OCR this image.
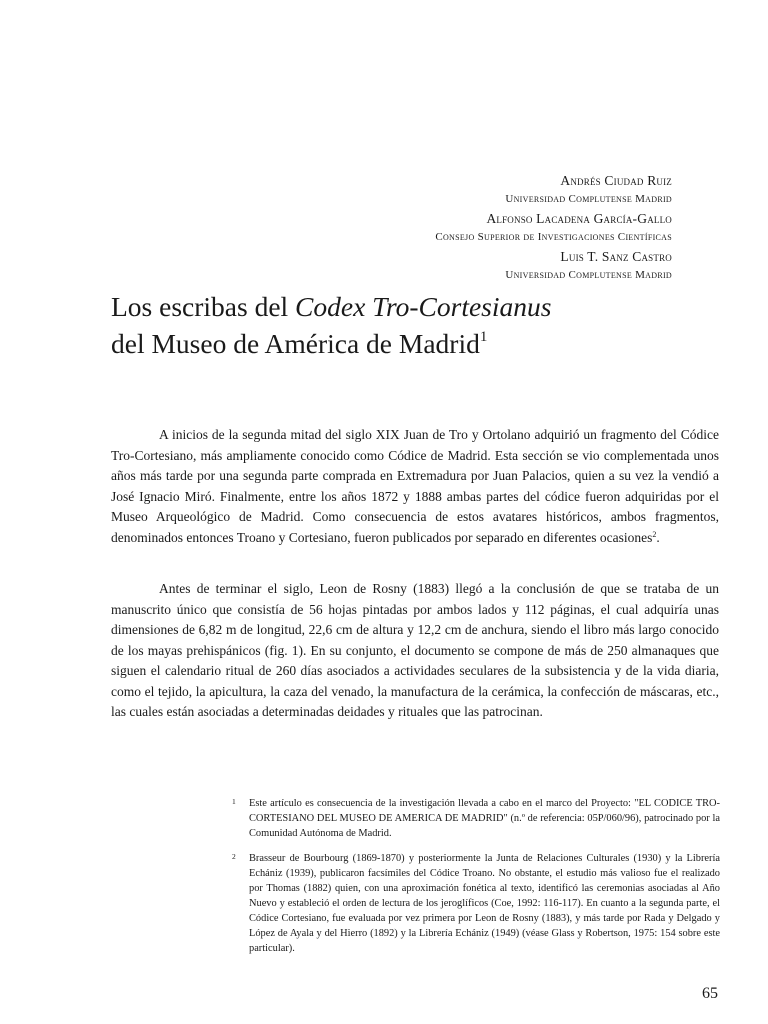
Andrés Ciudad Ruiz
Universidad Complutense Madrid
Alfonso Lacadena García-Gallo
Consejo Superior de Investigaciones Científicas
Luis T. Sanz Castro
Universidad Complutense Madrid
Los escribas del Codex Tro-Cortesianus
del Museo de América de Madrid$^1$

A inicios de la segunda mitad del siglo XIX Juan de Tro y Ortolano adquirió un fragmento del Códice Tro-Cortesiano, más ampliamente conocido como Códice de Madrid. Esta sección se vio complementada unos años más tarde por una segunda parte comprada en Extremadura por Juan Palacios, quien a su vez la vendió a José Ignacio Miró. Finalmente, entre los años 1872 y 1888 ambas partes del códice fueron adquiridas por el Museo Arqueológico de Madrid. Como consecuencia de estos avatares históricos, ambos fragmentos, denominados entonces Troano y Cortesiano, fueron publicados por separado en diferentes ocasiones$^2$.

Antes de terminar el siglo, Leon de Rosny (1883) llegó a la conclusión de que se trataba de un manuscrito único que consistía de 56 hojas pintadas por ambos lados y 112 páginas, el cual adquiría unas dimensiones de 6,82 m de longitud, 22,6 cm de altura y 12,2 cm de anchura, siendo el libro más largo conocido de los mayas prehispánicos (fig. 1). En su conjunto, el documento se compone de más de 250 almanaques que siguen el calendario ritual de 260 días asociados a actividades seculares de la subsistencia y de la vida diaria, como el tejido, la apicultura, la caza del venado, la manufactura de la cerámica, la confección de máscaras, etc., las cuales están asociadas a determinadas deidades y rituales que las patrocinan.

1 Este artículo es consecuencia de la investigación llevada a cabo en el marco del Proyecto: "EL CODICE TRO-CORTESIANO DEL MUSEO DE AMERICA DE MADRID" (n.º de referencia: 05P/060/96), patrocinado por la Comunidad Autónoma de Madrid.

2 Brasseur de Bourbourg (1869-1870) y posteriormente la Junta de Relaciones Culturales (1930) y la Librería Echániz (1939), publicaron facsímiles del Códice Troano. No obstante, el estudio más valioso fue el realizado por Thomas (1882) quien, con una aproximación fonética al texto, identificó las ceremonias asociadas al Año Nuevo y estableció el orden de lectura de los jeroglíficos (Coe, 1992: 116-117). En cuanto a la segunda parte, el Códice Cortesiano, fue evaluada por vez primera por Leon de Rosny (1883), y más tarde por Rada y Delgado y López de Ayala y del Hierro (1892) y la Librería Echániz (1949) (véase Glass y Robertson, 1975: 154 sobre este particular).

65
